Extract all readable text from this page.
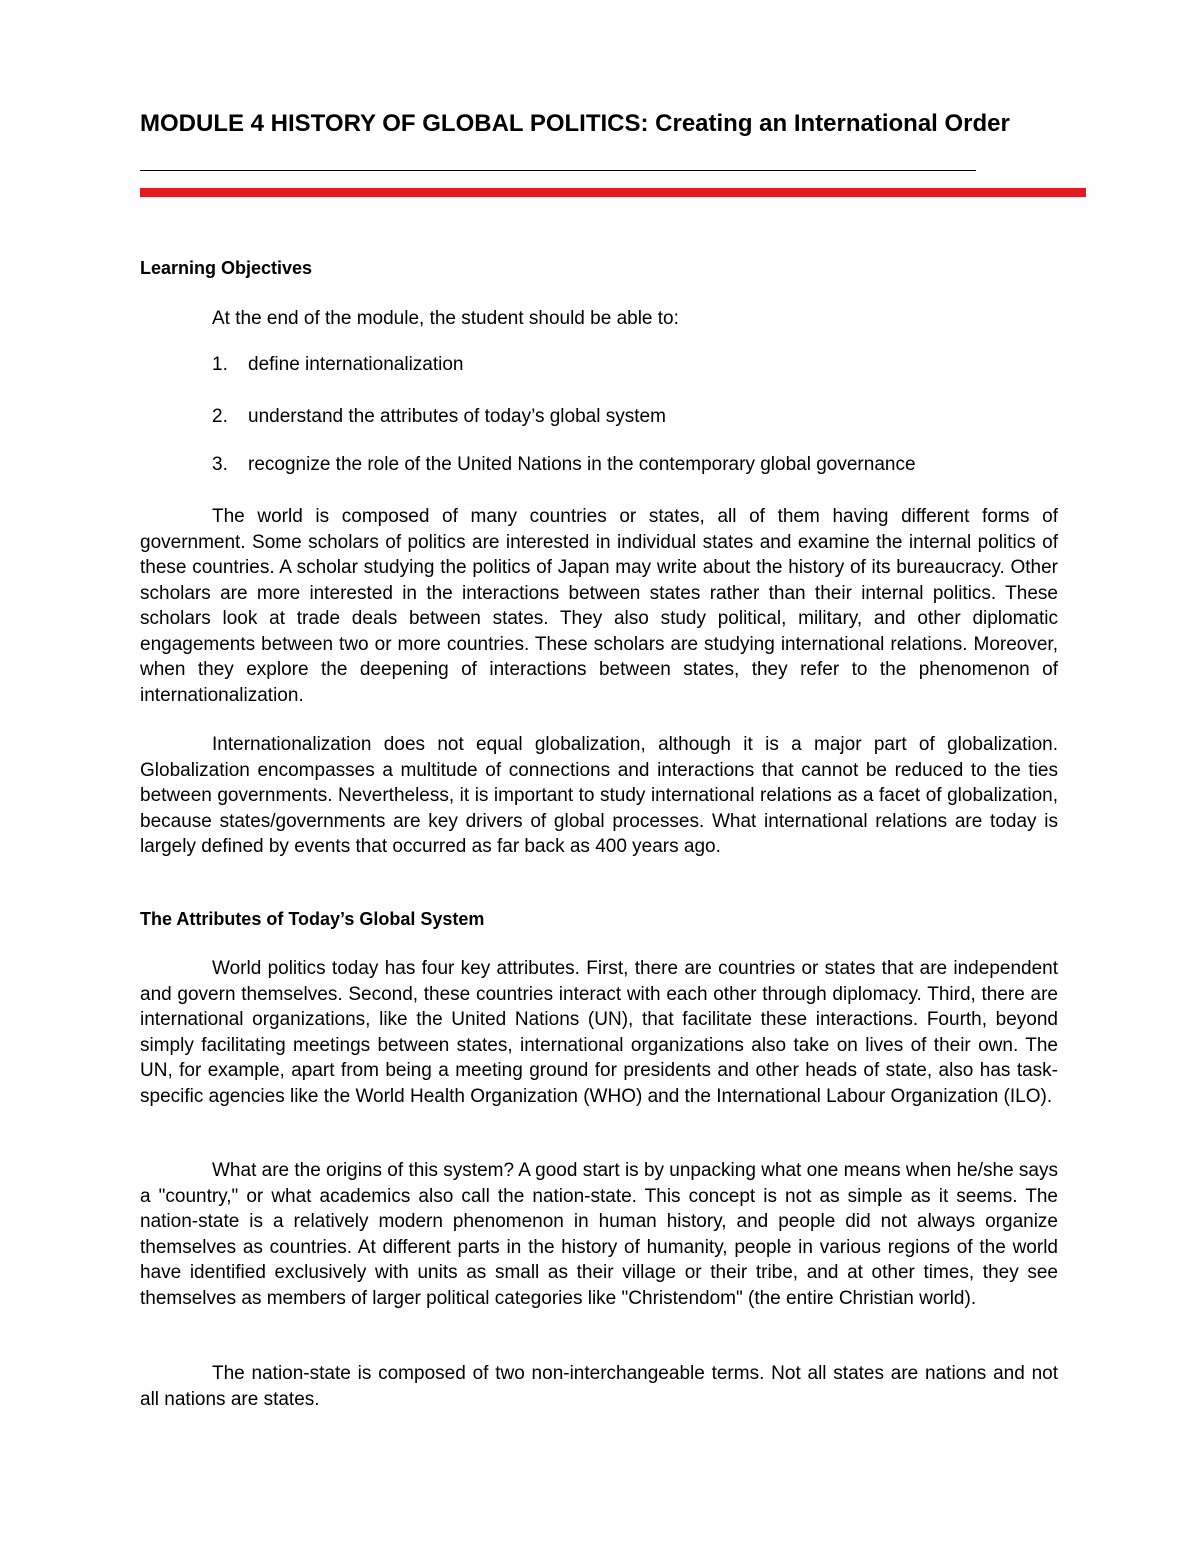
MODULE 4 HISTORY OF GLOBAL POLITICS: Creating an International Order
Learning Objectives

At the end of the module, the student should be able to:

1. define internationalization
2. understand the attributes of today’s global system
3. recognize the role of the United Nations in the contemporary global governance

The world is composed of many countries or states, all of them having different forms of government. Some scholars of politics are interested in individual states and examine the internal politics of these countries. A scholar studying the politics of Japan may write about the history of its bureaucracy. Other scholars are more interested in the interactions between states rather than their internal politics. These scholars look at trade deals between states. They also study political, military, and other diplomatic engagements between two or more countries. These scholars are studying international relations. Moreover, when they explore the deepening of interactions between states, they refer to the phenomenon of internationalization.

Internationalization does not equal globalization, although it is a major part of globalization. Globalization encompasses a multitude of connections and interactions that cannot be reduced to the ties between governments. Nevertheless, it is important to study international relations as a facet of globalization, because states/governments are key drivers of global processes. What international relations are today is largely defined by events that occurred as far back as 400 years ago.

The Attributes of Today’s Global System

World politics today has four key attributes. First, there are countries or states that are independent and govern themselves. Second, these countries interact with each other through diplomacy. Third, there are international organizations, like the United Nations (UN), that facilitate these interactions. Fourth, beyond simply facilitating meetings between states, international organizations also take on lives of their own. The UN, for example, apart from being a meeting ground for presidents and other heads of state, also has task-specific agencies like the World Health Organization (WHO) and the International Labour Organization (ILO).

What are the origins of this system? A good start is by unpacking what one means when he/she says a "country," or what academics also call the nation-state. This concept is not as simple as it seems. The nation-state is a relatively modern phenomenon in human history, and people did not always organize themselves as countries. At different parts in the history of humanity, people in various regions of the world have identified exclusively with units as small as their village or their tribe, and at other times, they see themselves as members of larger political categories like "Christendom" (the entire Christian world).

The nation-state is composed of two non-interchangeable terms. Not all states are nations and not all nations are states.
